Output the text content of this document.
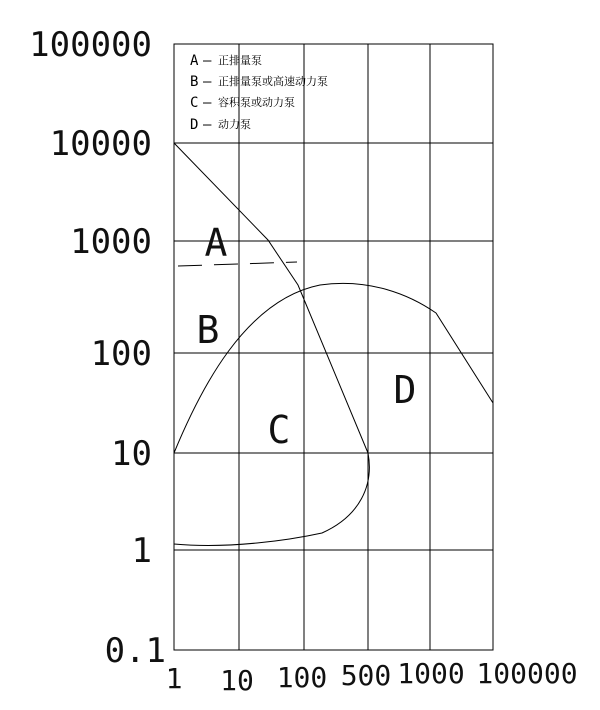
100000
10000
1000
100
10
1
0.1
1 10 100 500 1000 100000
A — 正排量泵
B — 正排量泵或高速动力泵
C — 容积泵或动力泵
D — 动力泵
A
B
C
D
